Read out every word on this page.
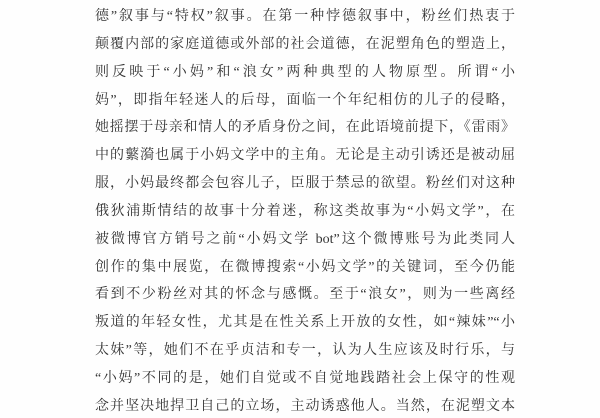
德”叙事与“特权”叙事。在第一种悖德叙事中，粉丝们热衷于
颠覆内部的家庭道德或外部的社会道德，在泥塑角色的塑造上，
则反映于“小妈”和“浪女”两种典型的人物原型。所谓“小
妈”，即指年轻迷人的后母，面临一个年纪相仿的儿子的侵略，
她摇摆于母亲和情人的矛盾身份之间，在此语境前提下，《雷雨》
中的蘩漪也属于小妈文学中的主角。无论是主动引诱还是被动屈
服，小妈最终都会包容儿子，臣服于禁忌的欲望。粉丝们对这种
俄狄浦斯情结的故事十分着迷，称这类故事为“小妈文学”，在
被微博官方销号之前“小妈文学 bot”这个微博账号为此类同人
创作的集中展览，在微博搜索“小妈文学”的关键词，至今仍能
看到不少粉丝对其的怀念与感慨。至于“浪女”，则为一些离经
叛道的年轻女性，尤其是在性关系上开放的女性，如“辣妹”“小
太妹”等，她们不在乎贞洁和专一，认为人生应该及时行乐，与
“小妈”不同的是，她们自觉或不自觉地践踏社会上保守的性观
念并坚决地捍卫自己的立场，主动诱惑他人。当然，在泥塑文本
